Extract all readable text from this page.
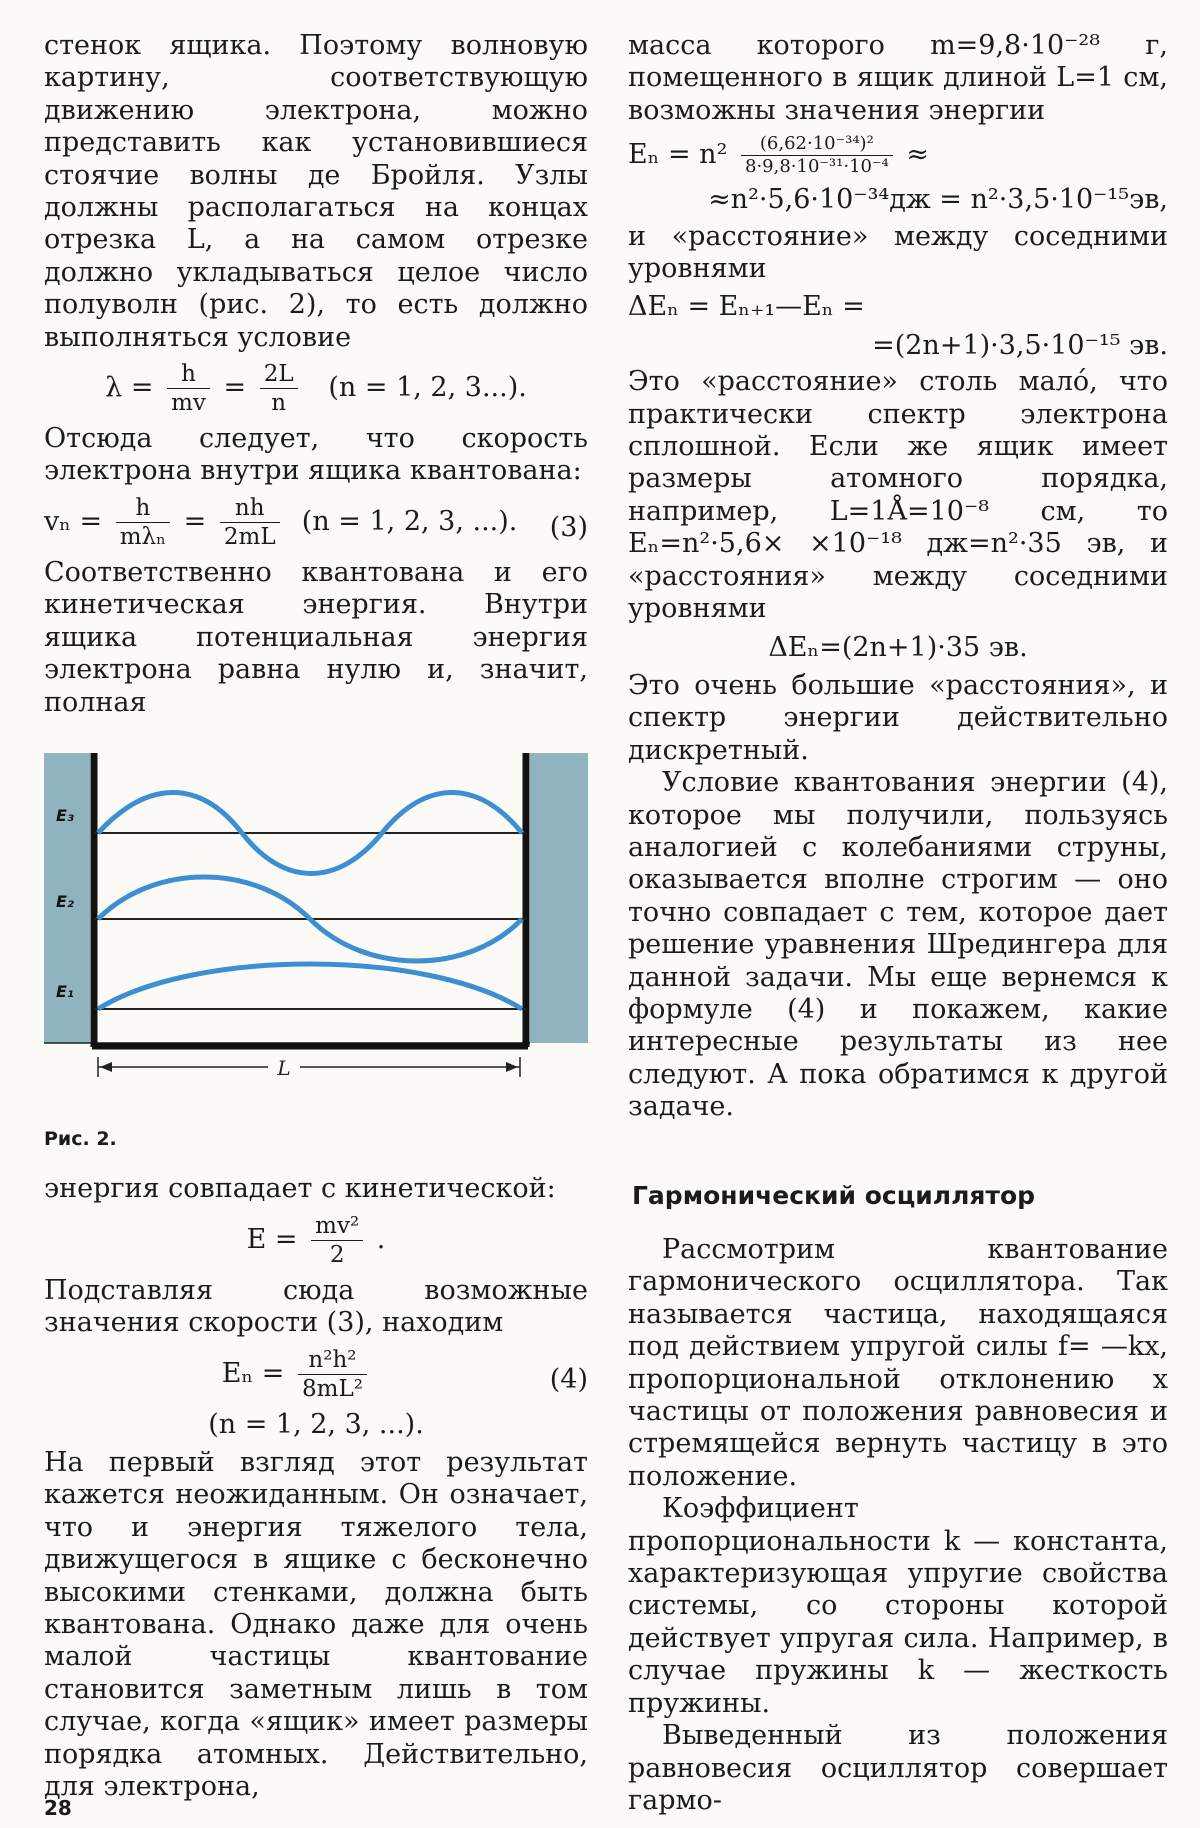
стенок ящика. Поэтому волновую картину, соответствующую движению электрона, можно представить как установившиеся стоячие волны де Бройля. Узлы должны располагаться на концах отрезка L, а на самом отрезке должно укладываться целое число полуволн (рис. 2), то есть должно выполняться условие

$\lambda = \frac{h}{mv} = \frac{2L}{n} (n = 1$, 2, 3...).

Отсюда следует, что скорость электрона внутри ящика квантована:

$v_n = \frac{h}{\text{mλₙ}} = \frac{nh}{2mL} (n = 1$, 2, 3, ...). (3)

Соответственно квантована и его кинетическая энергия. Внутри ящика потенциальная энергия электрона равна нулю и, значит, полная

E₃
E₂
E₁
L
Рис. 2.

энергия совпадает с кинетической:

$E = \frac{\text{mv²}}{2}$ .

Подставляя сюда возможные значения скорости (3), находим

$E_n = \frac{\text{n²h²}}{\text{8mL²}}$	(4)
(n = 1, 2, 3, ...).

На первый взгляд этот результат кажется неожиданным. Он означает, что и энергия тяжелого тела, движущегося в ящике с бесконечно высокими стенками, должна быть квантована. Однако даже для очень малой частицы квантование становится заметным лишь в том случае, когда «ящик» имеет размеры порядка атомных. Действительно, для электрона,

масса которого m=9,8·10⁻²⁸ г, помещенного в ящик длиной L=1 см, возможны значения энергии

$E_n = n^2 \frac{\text{(6,62·10⁻³⁴)²}}{\text{8·9,8·10⁻³¹·10⁻⁴}}$ ≈
≈n²·5,6·10⁻³⁴дж = n²·3,5·10⁻¹⁵эв,

и «расстояние» между соседними уровнями

ΔEₙ = Eₙ₊₁—Eₙ =
=(2n+1)·3,5·10⁻¹⁵ эв.

Это «расстояние» столь мало́, что практически спектр электрона сплошной. Если же ящик имеет размеры атомного порядка, например, L=1Å=10⁻⁸ см, то Eₙ=n²·5,6× ×10⁻¹⁸ дж=n²·35 эв, и «расстояния» между соседними уровнями

ΔEₙ=(2n+1)·35 эв.

Это очень большие «расстояния», и спектр энергии действительно дискретный.

Условие квантования энергии (4), которое мы получили, пользуясь аналогией с колебаниями струны, оказывается вполне строгим — оно точно совпадает с тем, которое дает решение уравнения Шредингера для данной задачи. Мы еще вернемся к формуле (4) и покажем, какие интересные результаты из нее следуют. А пока обратимся к другой задаче.

Гармонический осциллятор

Рассмотрим квантование гармонического осциллятора. Так называется частица, находящаяся под действием упругой силы f= —kx, пропорциональной отклонению x частицы от положения равновесия и стремящейся вернуть частицу в это положение.

Коэффициент пропорциональности k — константа, характеризующая упругие свойства системы, со стороны которой действует упругая сила. Например, в случае пружины k — жесткость пружины.

Выведенный из положения равновесия осциллятор совершает гармо-

28
